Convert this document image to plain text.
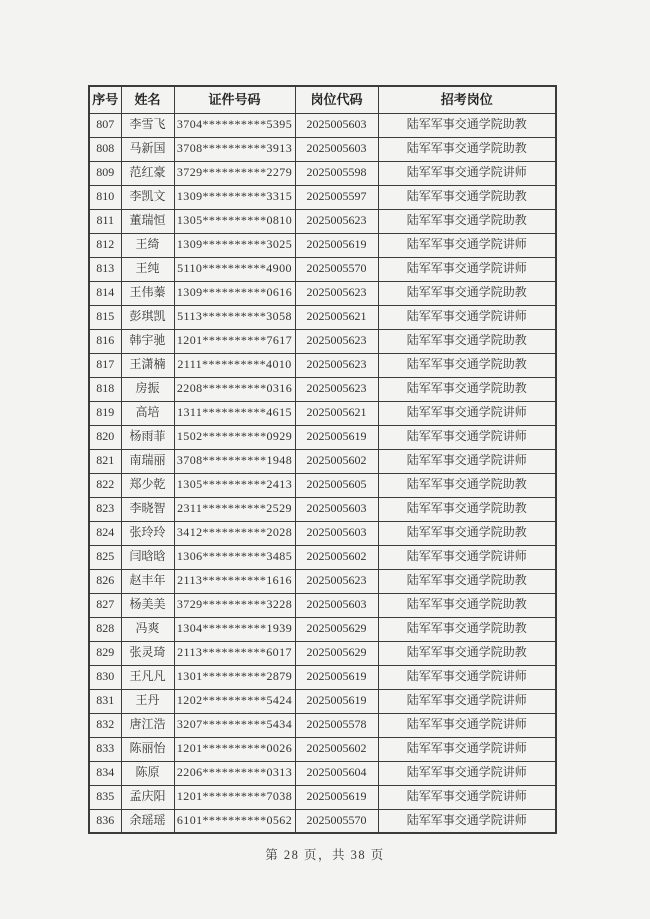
序号	姓名	证件号码	岗位代码	招考岗位
807	李雪飞	3704**********5395	2025005603	陆军军事交通学院助教
808	马新国	3708**********3913	2025005603	陆军军事交通学院助教
809	范红豪	3729**********2279	2025005598	陆军军事交通学院讲师
810	李凯文	1309**********3315	2025005597	陆军军事交通学院助教
811	董瑞恒	1305**********0810	2025005623	陆军军事交通学院助教
812	王绮	1309**********3025	2025005619	陆军军事交通学院讲师
813	王纯	5110**********4900	2025005570	陆军军事交通学院讲师
814	王伟蓁	1309**********0616	2025005623	陆军军事交通学院助教
815	彭琪凯	5113**********3058	2025005621	陆军军事交通学院讲师
816	韩宇驰	1201**********7617	2025005623	陆军军事交通学院助教
817	王潇楠	2111**********4010	2025005623	陆军军事交通学院助教
818	房振	2208**********0316	2025005623	陆军军事交通学院助教
819	高培	1311**********4615	2025005621	陆军军事交通学院讲师
820	杨雨菲	1502**********0929	2025005619	陆军军事交通学院讲师
821	南瑞丽	3708**********1948	2025005602	陆军军事交通学院讲师
822	郑少乾	1305**********2413	2025005605	陆军军事交通学院助教
823	李晓智	2311**********2529	2025005603	陆军军事交通学院助教
824	张玲玲	3412**********2028	2025005603	陆军军事交通学院助教
825	闫晗晗	1306**********3485	2025005602	陆军军事交通学院讲师
826	赵丰年	2113**********1616	2025005623	陆军军事交通学院助教
827	杨美美	3729**********3228	2025005603	陆军军事交通学院助教
828	冯爽	1304**********1939	2025005629	陆军军事交通学院助教
829	张灵琦	2113**********6017	2025005629	陆军军事交通学院助教
830	王凡凡	1301**********2879	2025005619	陆军军事交通学院讲师
831	王丹	1202**********5424	2025005619	陆军军事交通学院讲师
832	唐江浩	3207**********5434	2025005578	陆军军事交通学院讲师
833	陈丽怡	1201**********0026	2025005602	陆军军事交通学院讲师
834	陈原	2206**********0313	2025005604	陆军军事交通学院讲师
835	孟庆阳	1201**********7038	2025005619	陆军军事交通学院讲师
836	余瑶瑶	6101**********0562	2025005570	陆军军事交通学院讲师
第 28 页，共 38 页
